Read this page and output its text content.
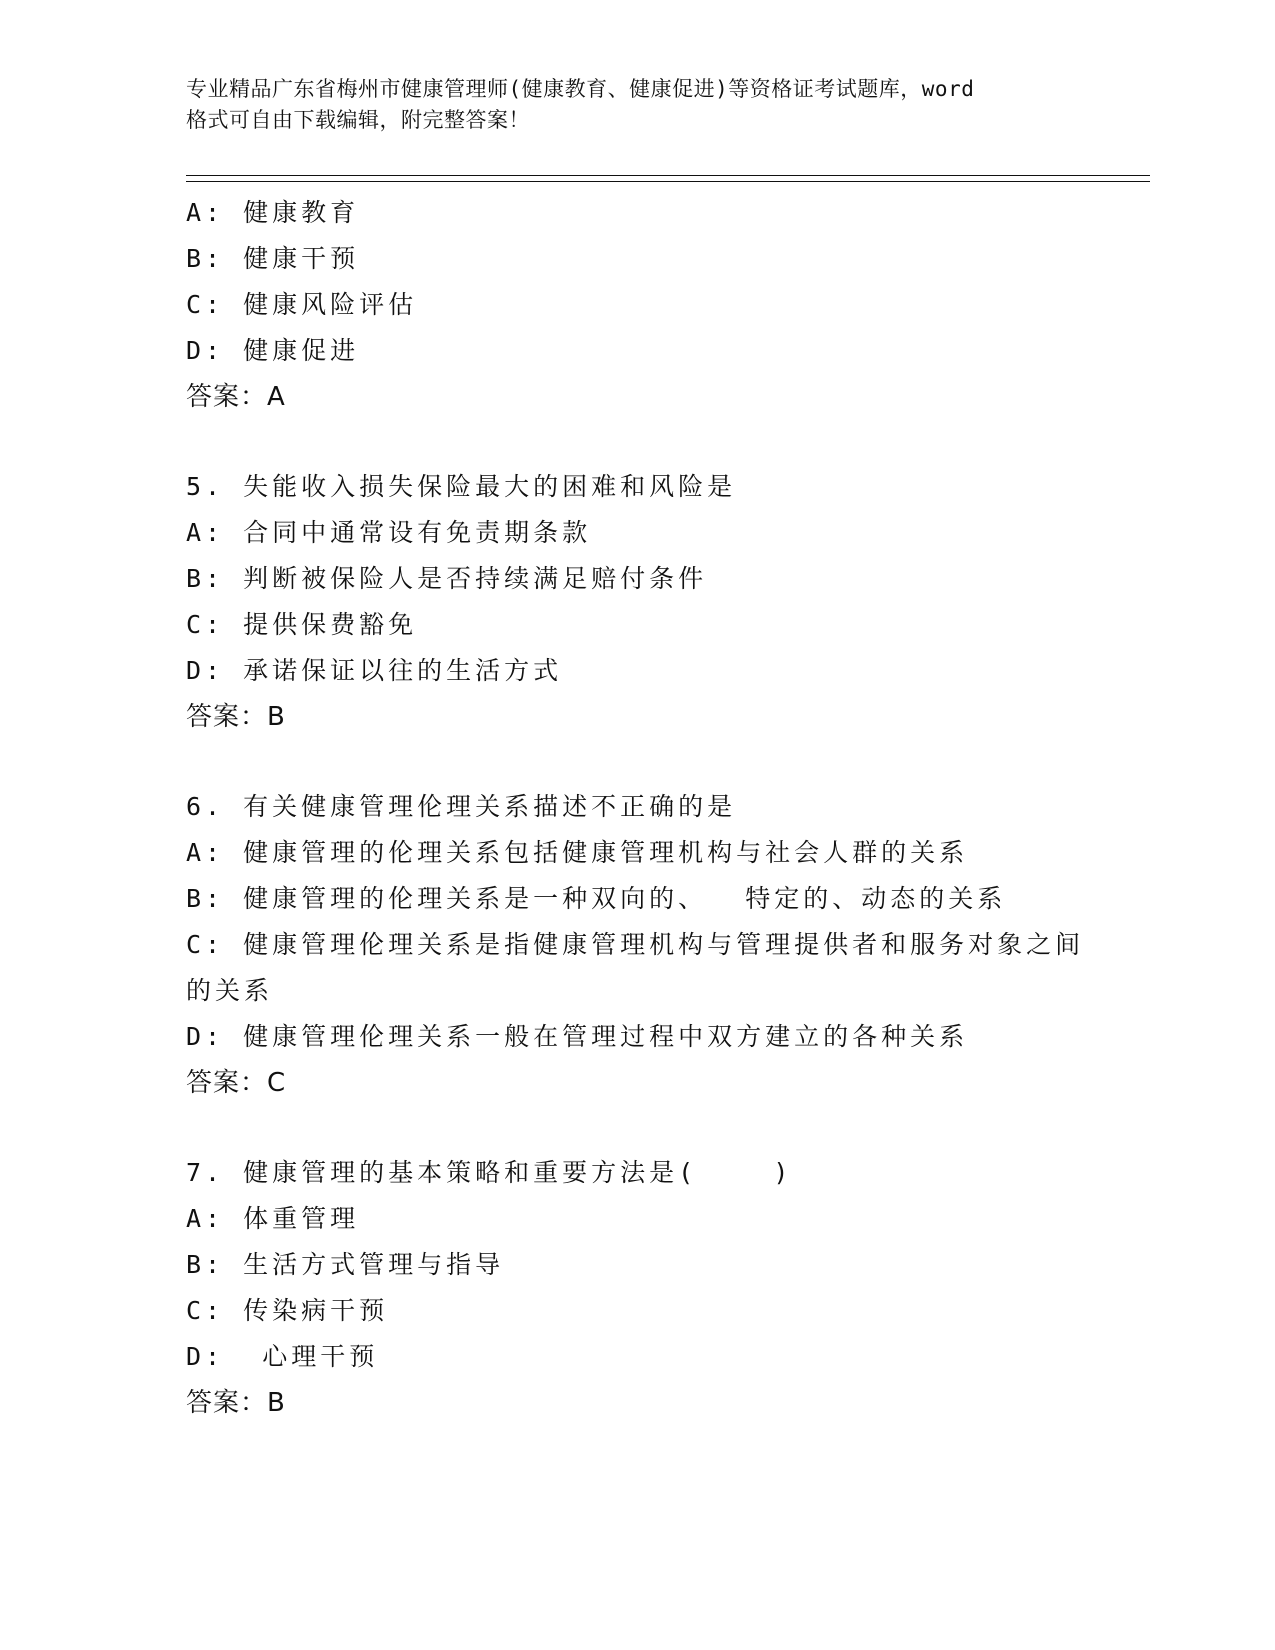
专业精品广东省梅州市健康管理师(健康教育、健康促进)等资格证考试题库，word
格式可自由下载编辑，附完整答案！
A: 健康教育
B: 健康干预
C: 健康风险评估
D: 健康促进
答案：A
5. 失能收入损失保险最大的困难和风险是
A: 合同中通常设有免责期条款
B: 判断被保险人是否持续满足赔付条件
C: 提供保费豁免
D: 承诺保证以往的生活方式
答案：B
6. 有关健康管理伦理关系描述不正确的是
A: 健康管理的伦理关系包括健康管理机构与社会人群的关系
B: 健康管理的伦理关系是一种双向的、  特定的、动态的关系
C: 健康管理伦理关系是指健康管理机构与管理提供者和服务对象之间
的关系
D: 健康管理伦理关系一般在管理过程中双方建立的各种关系
答案：C
7. 健康管理的基本策略和重要方法是(    )
A: 体重管理
B: 生活方式管理与指导
C: 传染病干预
D:  心理干预
答案：B
